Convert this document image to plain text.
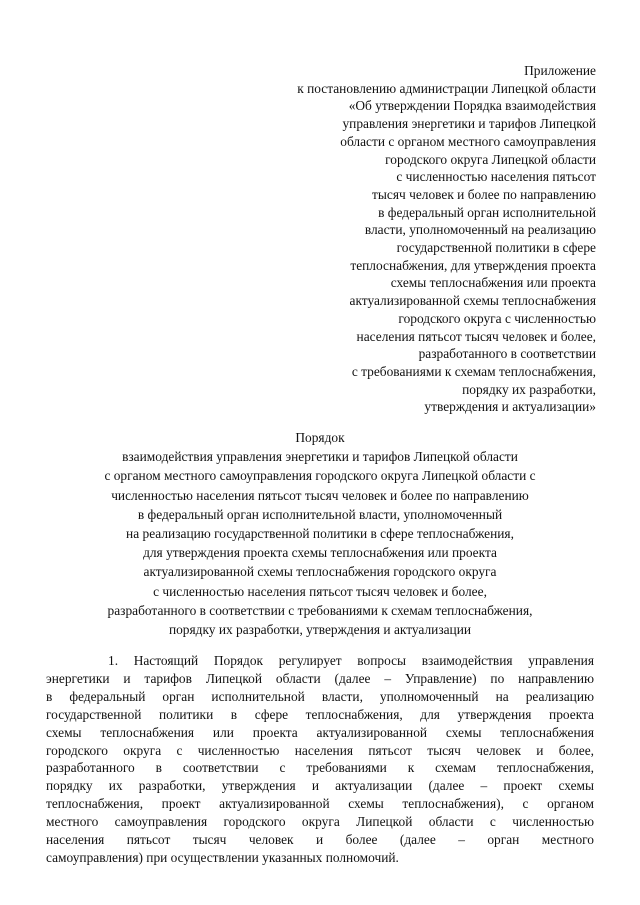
Приложение
к постановлению администрации Липецкой области
«Об утверждении Порядка взаимодействия
управления энергетики и тарифов Липецкой
области с органом местного самоуправления
городского округа Липецкой области
с численностью населения пятьсот
тысяч человек и более по направлению
в федеральный орган исполнительной
власти, уполномоченный на реализацию
государственной политики в сфере
теплоснабжения, для утверждения проекта
схемы теплоснабжения или проекта
актуализированной схемы теплоснабжения
городского округа с численностью
населения пятьсот тысяч человек и более,
разработанного в соответствии
с требованиями к схемам теплоснабжения,
порядку их разработки,
утверждения и актуализации»
Порядок
взаимодействия управления энергетики и тарифов Липецкой области
с органом местного самоуправления городского округа Липецкой области с
численностью населения пятьсот тысяч человек и более по направлению
в федеральный орган исполнительной власти, уполномоченный
на реализацию государственной политики в сфере теплоснабжения,
для утверждения проекта схемы теплоснабжения или проекта
актуализированной схемы теплоснабжения городского округа
с численностью населения пятьсот тысяч человек и более,
разработанного в соответствии с требованиями к схемам теплоснабжения,
порядку их разработки, утверждения и актуализации
1. Настоящий Порядок регулирует вопросы взаимодействия управления
энергетики и тарифов Липецкой области (далее – Управление) по направлению
в федеральный орган исполнительной власти, уполномоченный на реализацию
государственной политики в сфере теплоснабжения, для утверждения проекта
схемы теплоснабжения или проекта актуализированной схемы теплоснабжения
городского округа с численностью населения пятьсот тысяч человек и более,
разработанного в соответствии с требованиями к схемам теплоснабжения,
порядку их разработки, утверждения и актуализации (далее – проект схемы
теплоснабжения, проект актуализированной схемы теплоснабжения), с органом
местного самоуправления городского округа Липецкой области с численностью
населения пятьсот тысяч человек и более (далее – орган местного
самоуправления) при осуществлении указанных полномочий.
